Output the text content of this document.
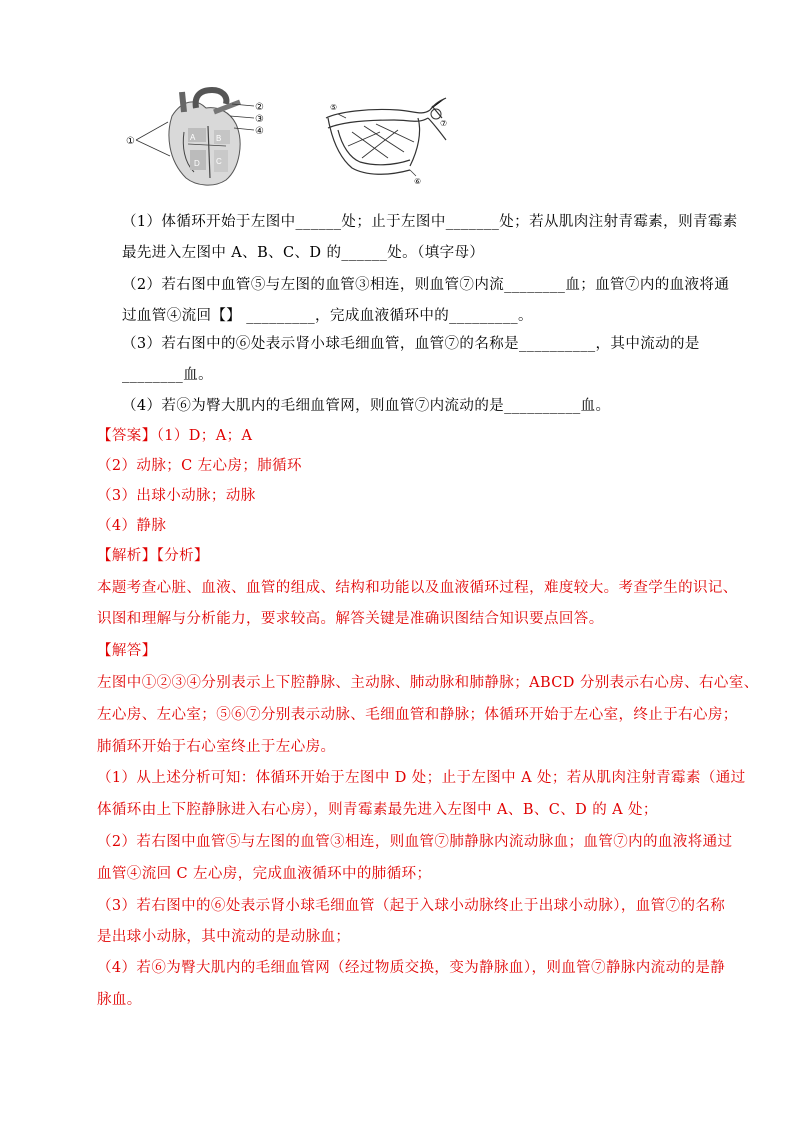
A	B
C
D
①
②
③
④
⑤
⑥
⑦
（1）体循环开始于左图中______处；止于左图中_______处；若从肌肉注射青霉素，则青霉素
最先进入左图中 A、B、C、D 的______处。（填字母）
（2）若右图中血管⑤与左图的血管③相连，则血管⑦内流________血；血管⑦内的血液将通
过血管④流回【】 _________，完成血液循环中的_________。
（3）若右图中的⑥处表示肾小球毛细血管，血管⑦的名称是__________，其中流动的是
________血。
（4）若⑥为臀大肌内的毛细血管网，则血管⑦内流动的是__________血。
【答案】（1）D；A；A
（2）动脉；C 左心房；肺循环
（3）出球小动脉；动脉
（4）静脉
【解析】【分析】
本题考查心脏、血液、血管的组成、结构和功能以及血液循环过程，难度较大。考查学生的识记、
识图和理解与分析能力，要求较高。解答关键是准确识图结合知识要点回答。
【解答】
左图中①②③④分别表示上下腔静脉、主动脉、肺动脉和肺静脉；ABCD 分别表示右心房、右心室、
左心房、左心室；⑤⑥⑦分别表示动脉、毛细血管和静脉；体循环开始于左心室，终止于右心房；
肺循环开始于右心室终止于左心房。
（1）从上述分析可知：体循环开始于左图中 D 处；止于左图中 A 处；若从肌肉注射青霉素（通过
体循环由上下腔静脉进入右心房），则青霉素最先进入左图中 A、B、C、D 的 A 处；
（2）若右图中血管⑤与左图的血管③相连，则血管⑦肺静脉内流动脉血；血管⑦内的血液将通过
血管④流回 C 左心房，完成血液循环中的肺循环；
（3）若右图中的⑥处表示肾小球毛细血管（起于入球小动脉终止于出球小动脉），血管⑦的名称
是出球小动脉，其中流动的是动脉血；
（4）若⑥为臀大肌内的毛细血管网（经过物质交换，变为静脉血），则血管⑦静脉内流动的是静
脉血。
